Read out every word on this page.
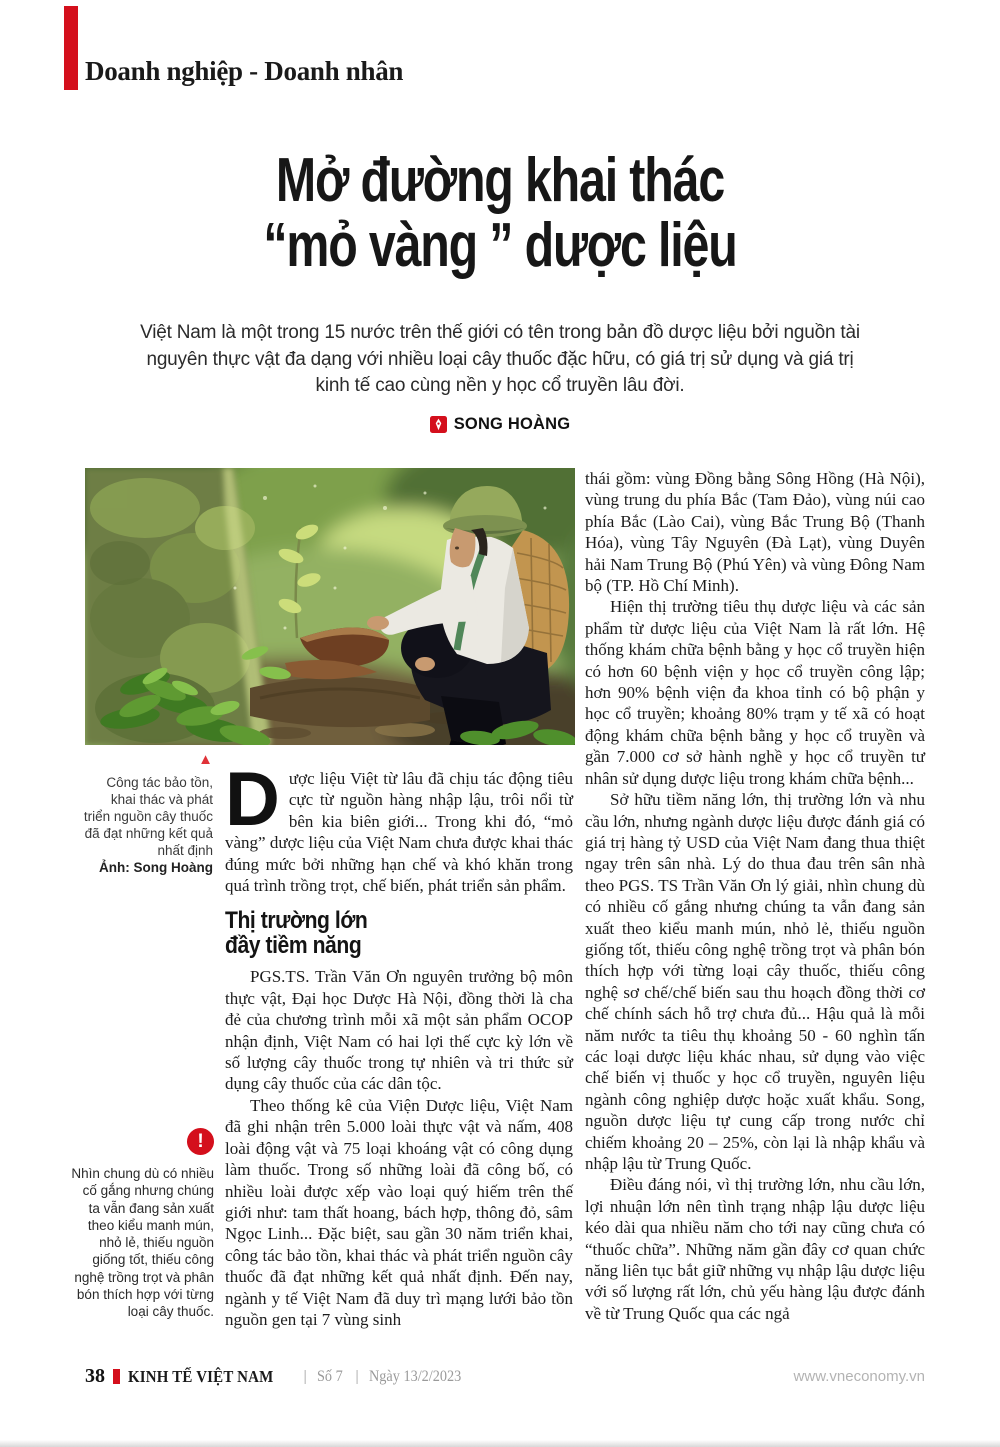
Doanh nghiệp - Doanh nhân
Mở đường khai thác
“mỏ vàng ” dược liệu
Việt Nam là một trong 15 nước trên thế giới có tên trong bản đồ dược liệu bởi nguồn tài nguyên thực vật đa dạng với nhiều loại cây thuốc đặc hữu, có giá trị sử dụng và giá trị kinh tế cao cùng nền y học cổ truyền lâu đời.
SONG HOÀNG
▲
Công tác bảo tồn, khai thác và phát triển nguồn cây thuốc đã đạt những kết quả nhất định
Ảnh: Song Hoàng
!
Nhìn chung dù có nhiều cố gắng nhưng chúng ta vẫn đang sản xuất theo kiểu manh mún, nhỏ lẻ, thiếu nguồn giống tốt, thiếu công nghệ trồng trọt và phân bón thích hợp với từng loại cây thuốc.

Dược liệu Việt từ lâu đã chịu tác động tiêu cực từ nguồn hàng nhập lậu, trôi nổi từ bên kia biên giới... Trong khi đó, “mỏ vàng” dược liệu của Việt Nam chưa được khai thác đúng mức bởi những hạn chế và khó khăn trong quá trình trồng trọt, chế biến, phát triển sản phẩm.

Thị trường lớn
đầy tiềm năng

PGS.TS. Trần Văn Ơn nguyên trưởng bộ môn thực vật, Đại học Dược Hà Nội, đồng thời là cha đẻ của chương trình mỗi xã một sản phẩm OCOP nhận định, Việt Nam có hai lợi thế cực kỳ lớn về số lượng cây thuốc trong tự nhiên và tri thức sử dụng cây thuốc của các dân tộc.

Theo thống kê của Viện Dược liệu, Việt Nam đã ghi nhận trên 5.000 loài thực vật và nấm, 408 loài động vật và 75 loại khoáng vật có công dụng làm thuốc. Trong số những loài đã công bố, có nhiều loài được xếp vào loại quý hiếm trên thế giới như: tam thất hoang, bách hợp, thông đỏ, sâm Ngọc Linh... Đặc biệt, sau gần 30 năm triển khai, công tác bảo tồn, khai thác và phát triển nguồn cây thuốc đã đạt những kết quả nhất định. Đến nay, ngành y tế Việt Nam đã duy trì mạng lưới bảo tồn nguồn gen tại 7 vùng sinh

thái gồm: vùng Đồng bằng Sông Hồng (Hà Nội), vùng trung du phía Bắc (Tam Đảo), vùng núi cao phía Bắc (Lào Cai), vùng Bắc Trung Bộ (Thanh Hóa), vùng Tây Nguyên (Đà Lạt), vùng Duyên hải Nam Trung Bộ (Phú Yên) và vùng Đông Nam bộ (TP. Hồ Chí Minh).

Hiện thị trường tiêu thụ dược liệu và các sản phẩm từ dược liệu của Việt Nam là rất lớn. Hệ thống khám chữa bệnh bằng y học cổ truyền hiện có hơn 60 bệnh viện y học cổ truyền công lập; hơn 90% bệnh viện đa khoa tỉnh có bộ phận y học cổ truyền; khoảng 80% trạm y tế xã có hoạt động khám chữa bệnh bằng y học cổ truyền và gần 7.000 cơ sở hành nghề y học cổ truyền tư nhân sử dụng dược liệu trong khám chữa bệnh...

Sở hữu tiềm năng lớn, thị trường lớn và nhu cầu lớn, nhưng ngành dược liệu được đánh giá có giá trị hàng tỷ USD của Việt Nam đang thua thiệt ngay trên sân nhà. Lý do thua đau trên sân nhà theo PGS. TS Trần Văn Ơn lý giải, nhìn chung dù có nhiều cố gắng nhưng chúng ta vẫn đang sản xuất theo kiểu manh mún, nhỏ lẻ, thiếu nguồn giống tốt, thiếu công nghệ trồng trọt và phân bón thích hợp với từng loại cây thuốc, thiếu công nghệ sơ chế/chế biến sau thu hoạch đồng thời cơ chế chính sách hỗ trợ chưa đủ... Hậu quả là mỗi năm nước ta tiêu thụ khoảng 50 - 60 nghìn tấn các loại dược liệu khác nhau, sử dụng vào việc chế biến vị thuốc y học cổ truyền, nguyên liệu ngành công nghiệp dược hoặc xuất khẩu. Song, nguồn dược liệu tự cung cấp trong nước chỉ chiếm khoảng 20 – 25%, còn lại là nhập khẩu và nhập lậu từ Trung Quốc.

Điều đáng nói, vì thị trường lớn, nhu cầu lớn, lợi nhuận lớn nên tình trạng nhập lậu dược liệu kéo dài qua nhiều năm cho tới nay cũng chưa có “thuốc chữa”. Những năm gần đây cơ quan chức năng liên tục bắt giữ những vụ nhập lậu dược liệu với số lượng rất lớn, chủ yếu hàng lậu được đánh về từ Trung Quốc qua các ngả

38 KINH TẾ VIỆT NAM | Số 7 | Ngày 13/2/2023	www.vneconomy.vn
